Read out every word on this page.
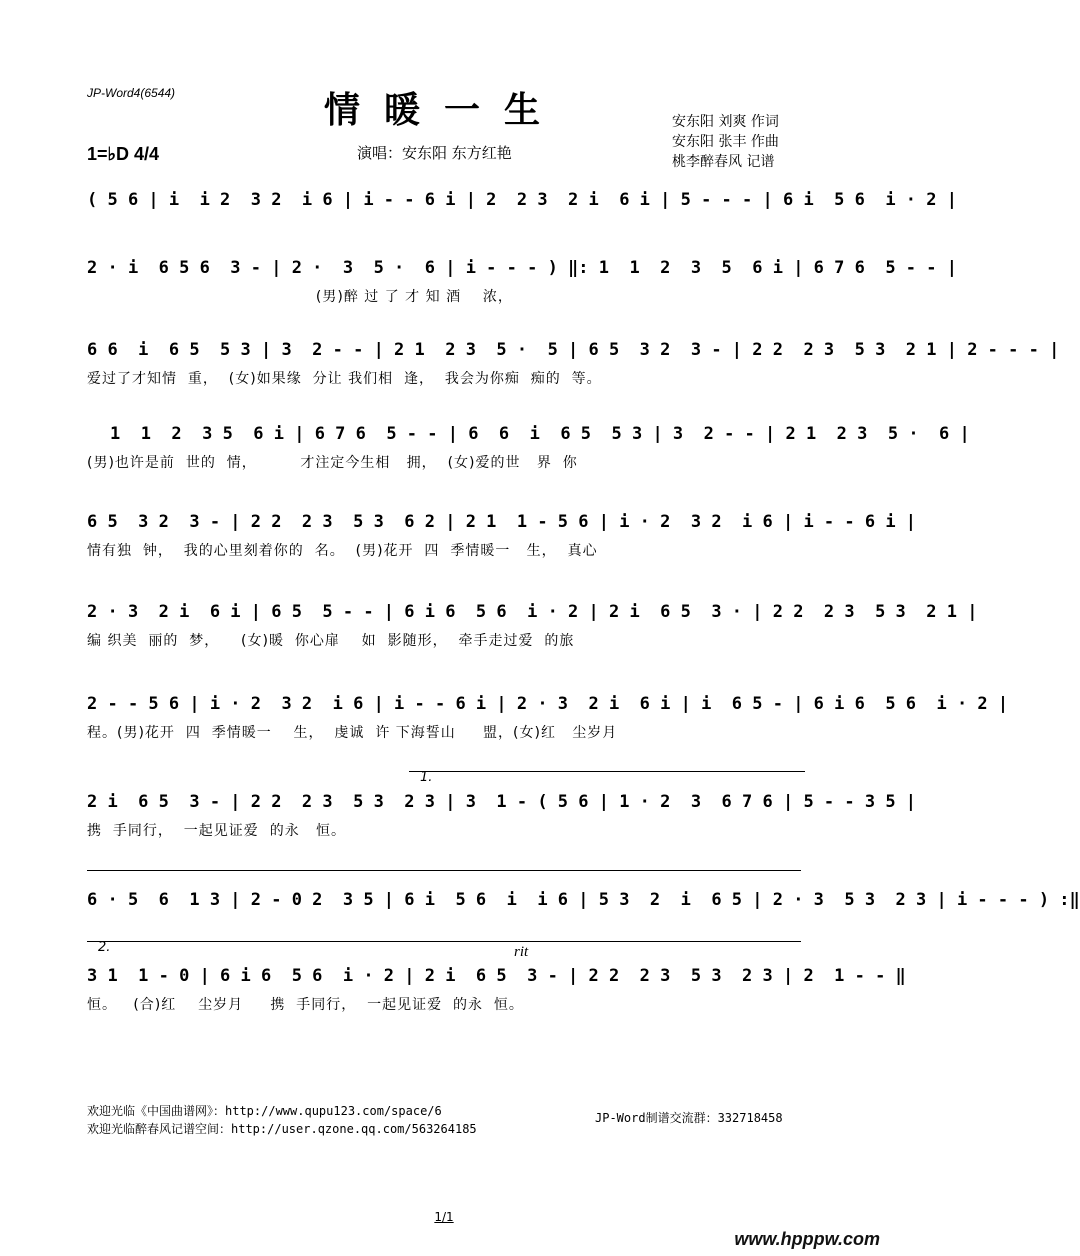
JP-Word4(6544)	情暖一生
1=♭D 4/4	演唱：安东阳 东方红艳
安东阳 刘爽 作词
安东阳 张丰 作曲
桃李醉春风 记谱
( 5 6 | i  i 2  3 2  i 6 | i - - 6 i | 2  2 3  2 i  6 i | 5 - - - | 6 i  5 6  i · 2 |
2 · i  6 5 6  3 - | 2 ·  3  5 ·  6 | i - - - ) ‖: 1  1  2  3  5  6 i | 6 7 6  5 - - |
(男)醉 过 了 才 知 酒    浓，
6 6  i  6 5  5 3 | 3  2 - - | 2 1  2 3  5 ·  5 | 6 5  3 2  3 - | 2 2  2 3  5 3  2 1 | 2 - - - |
爱过了才知情  重，  (女)如果缘  分让 我们相  逢，  我会为你痴  痴的  等。
1  1  2  3 5  6 i | 6 7 6  5 - - | 6  6  i  6 5  5 3 | 3  2 - - | 2 1  2 3  5 ·  6 |
(男)也许是前  世的  情，        才注定今生相   拥，  (女)爱的世   界  你
6 5  3 2  3 - | 2 2  2 3  5 3  6 2 | 2 1  1 - 5 6 | i · 2  3 2  i 6 | i - - 6 i |
情有独  钟，  我的心里刻着你的  名。  (男)花开  四  季情暖一   生，  真心
2 · 3  2 i  6 i | 6 5  5 - - | 6 i 6  5 6  i · 2 | 2 i  6 5  3 · | 2 2  2 3  5 3  2 1 |
编 织美  丽的  梦，    (女)暖  你心扉    如  影随形，  牵手走过爱  的旅
2 - - 5 6 | i · 2  3 2  i 6 | i - - 6 i | 2 · 3  2 i  6 i | i  6 5 - | 6 i 6  5 6  i · 2 |
程。(男)花开  四  季情暖一    生，  虔诚  许 下海誓山     盟，(女)红   尘岁月
1.
2 i  6 5  3 - | 2 2  2 3  5 3  2 3 | 3  1 - ( 5 6 | 1 · 2  3  6 7 6 | 5 - - 3 5 |
携  手同行，  一起见证爱  的永   恒。
6 · 5  6  1 3 | 2 - 0 2  3 5 | 6 i  5 6  i  i 6 | 5 3  2  i  6 5 | 2 · 3  5 3  2 3 | i - - - ) :‖
2.	rit
3 1  1 - 0 | 6 i 6  5 6  i · 2 | 2 i  6 5  3 - | 2 2  2 3  5 3  2 3 | 2  1 - - ‖
恒。   (合)红    尘岁月     携  手同行，  一起见证爱  的永  恒。
欢迎光临《中国曲谱网》：http://www.qupu123.com/space/6
欢迎光临醉春风记谱空间：http://user.qzone.qq.com/563264185
JP-Word制谱交流群：332718458
1/1
www.hpppw.com
